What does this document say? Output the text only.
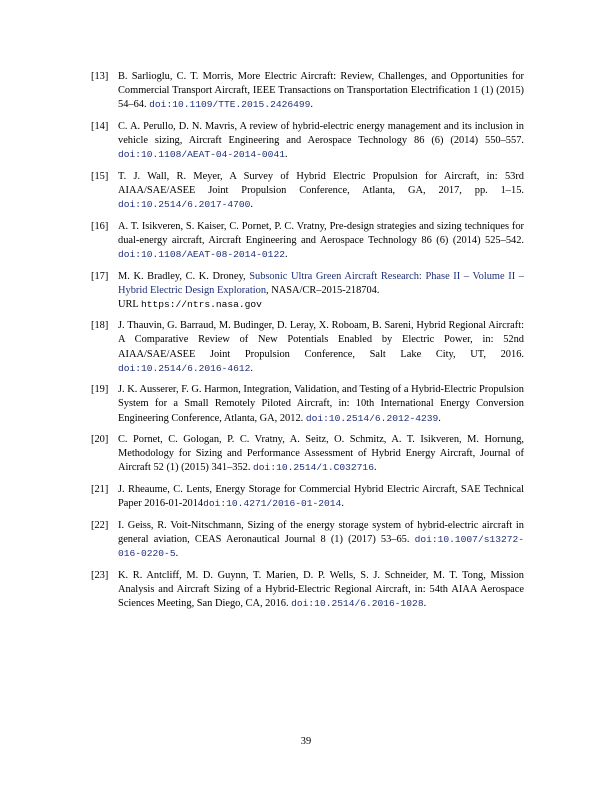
[13] B. Sarlioglu, C. T. Morris, More Electric Aircraft: Review, Challenges, and Opportunities for Commercial Transport Aircraft, IEEE Transactions on Transportation Electrification 1 (1) (2015) 54–64. doi:10.1109/TTE.2015.2426499.
[14] C. A. Perullo, D. N. Mavris, A review of hybrid-electric energy management and its inclusion in vehicle sizing, Aircraft Engineering and Aerospace Technology 86 (6) (2014) 550–557. doi:10.1108/AEAT-04-2014-0041.
[15] T. J. Wall, R. Meyer, A Survey of Hybrid Electric Propulsion for Aircraft, in: 53rd AIAA/SAE/ASEE Joint Propulsion Conference, Atlanta, GA, 2017, pp. 1–15. doi:10.2514/6.2017-4700.
[16] A. T. Isikveren, S. Kaiser, C. Pornet, P. C. Vratny, Pre-design strategies and sizing techniques for dual-energy aircraft, Aircraft Engineering and Aerospace Technology 86 (6) (2014) 525–542. doi:10.1108/AEAT-08-2014-0122.
[17] M. K. Bradley, C. K. Droney, Subsonic Ultra Green Aircraft Research: Phase II – Volume II – Hybrid Electric Design Exploration, NASA/CR–2015-218704.
URL https://ntrs.nasa.gov
[18] J. Thauvin, G. Barraud, M. Budinger, D. Leray, X. Roboam, B. Sareni, Hybrid Regional Aircraft: A Comparative Review of New Potentials Enabled by Electric Power, in: 52nd AIAA/SAE/ASEE Joint Propulsion Conference, Salt Lake City, UT, 2016. doi:10.2514/6.2016-4612.
[19] J. K. Ausserer, F. G. Harmon, Integration, Validation, and Testing of a Hybrid-Electric Propulsion System for a Small Remotely Piloted Aircraft, in: 10th International Energy Conversion Engineering Conference, Atlanta, GA, 2012. doi:10.2514/6.2012-4239.
[20] C. Pornet, C. Gologan, P. C. Vratny, A. Seitz, O. Schmitz, A. T. Isikveren, M. Hornung, Methodology for Sizing and Performance Assessment of Hybrid Energy Aircraft, Journal of Aircraft 52 (1) (2015) 341–352. doi:10.2514/1.C032716.
[21] J. Rheaume, C. Lents, Energy Storage for Commercial Hybrid Electric Aircraft, SAE Technical Paper 2016-01-2014doi:10.4271/2016-01-2014.
[22] I. Geiss, R. Voit-Nitschmann, Sizing of the energy storage system of hybrid-electric aircraft in general aviation, CEAS Aeronautical Journal 8 (1) (2017) 53–65. doi:10.1007/s13272-016-0220-5.
[23] K. R. Antcliff, M. D. Guynn, T. Marien, D. P. Wells, S. J. Schneider, M. T. Tong, Mission Analysis and Aircraft Sizing of a Hybrid-Electric Regional Aircraft, in: 54th AIAA Aerospace Sciences Meeting, San Diego, CA, 2016. doi:10.2514/6.2016-1028.
39
